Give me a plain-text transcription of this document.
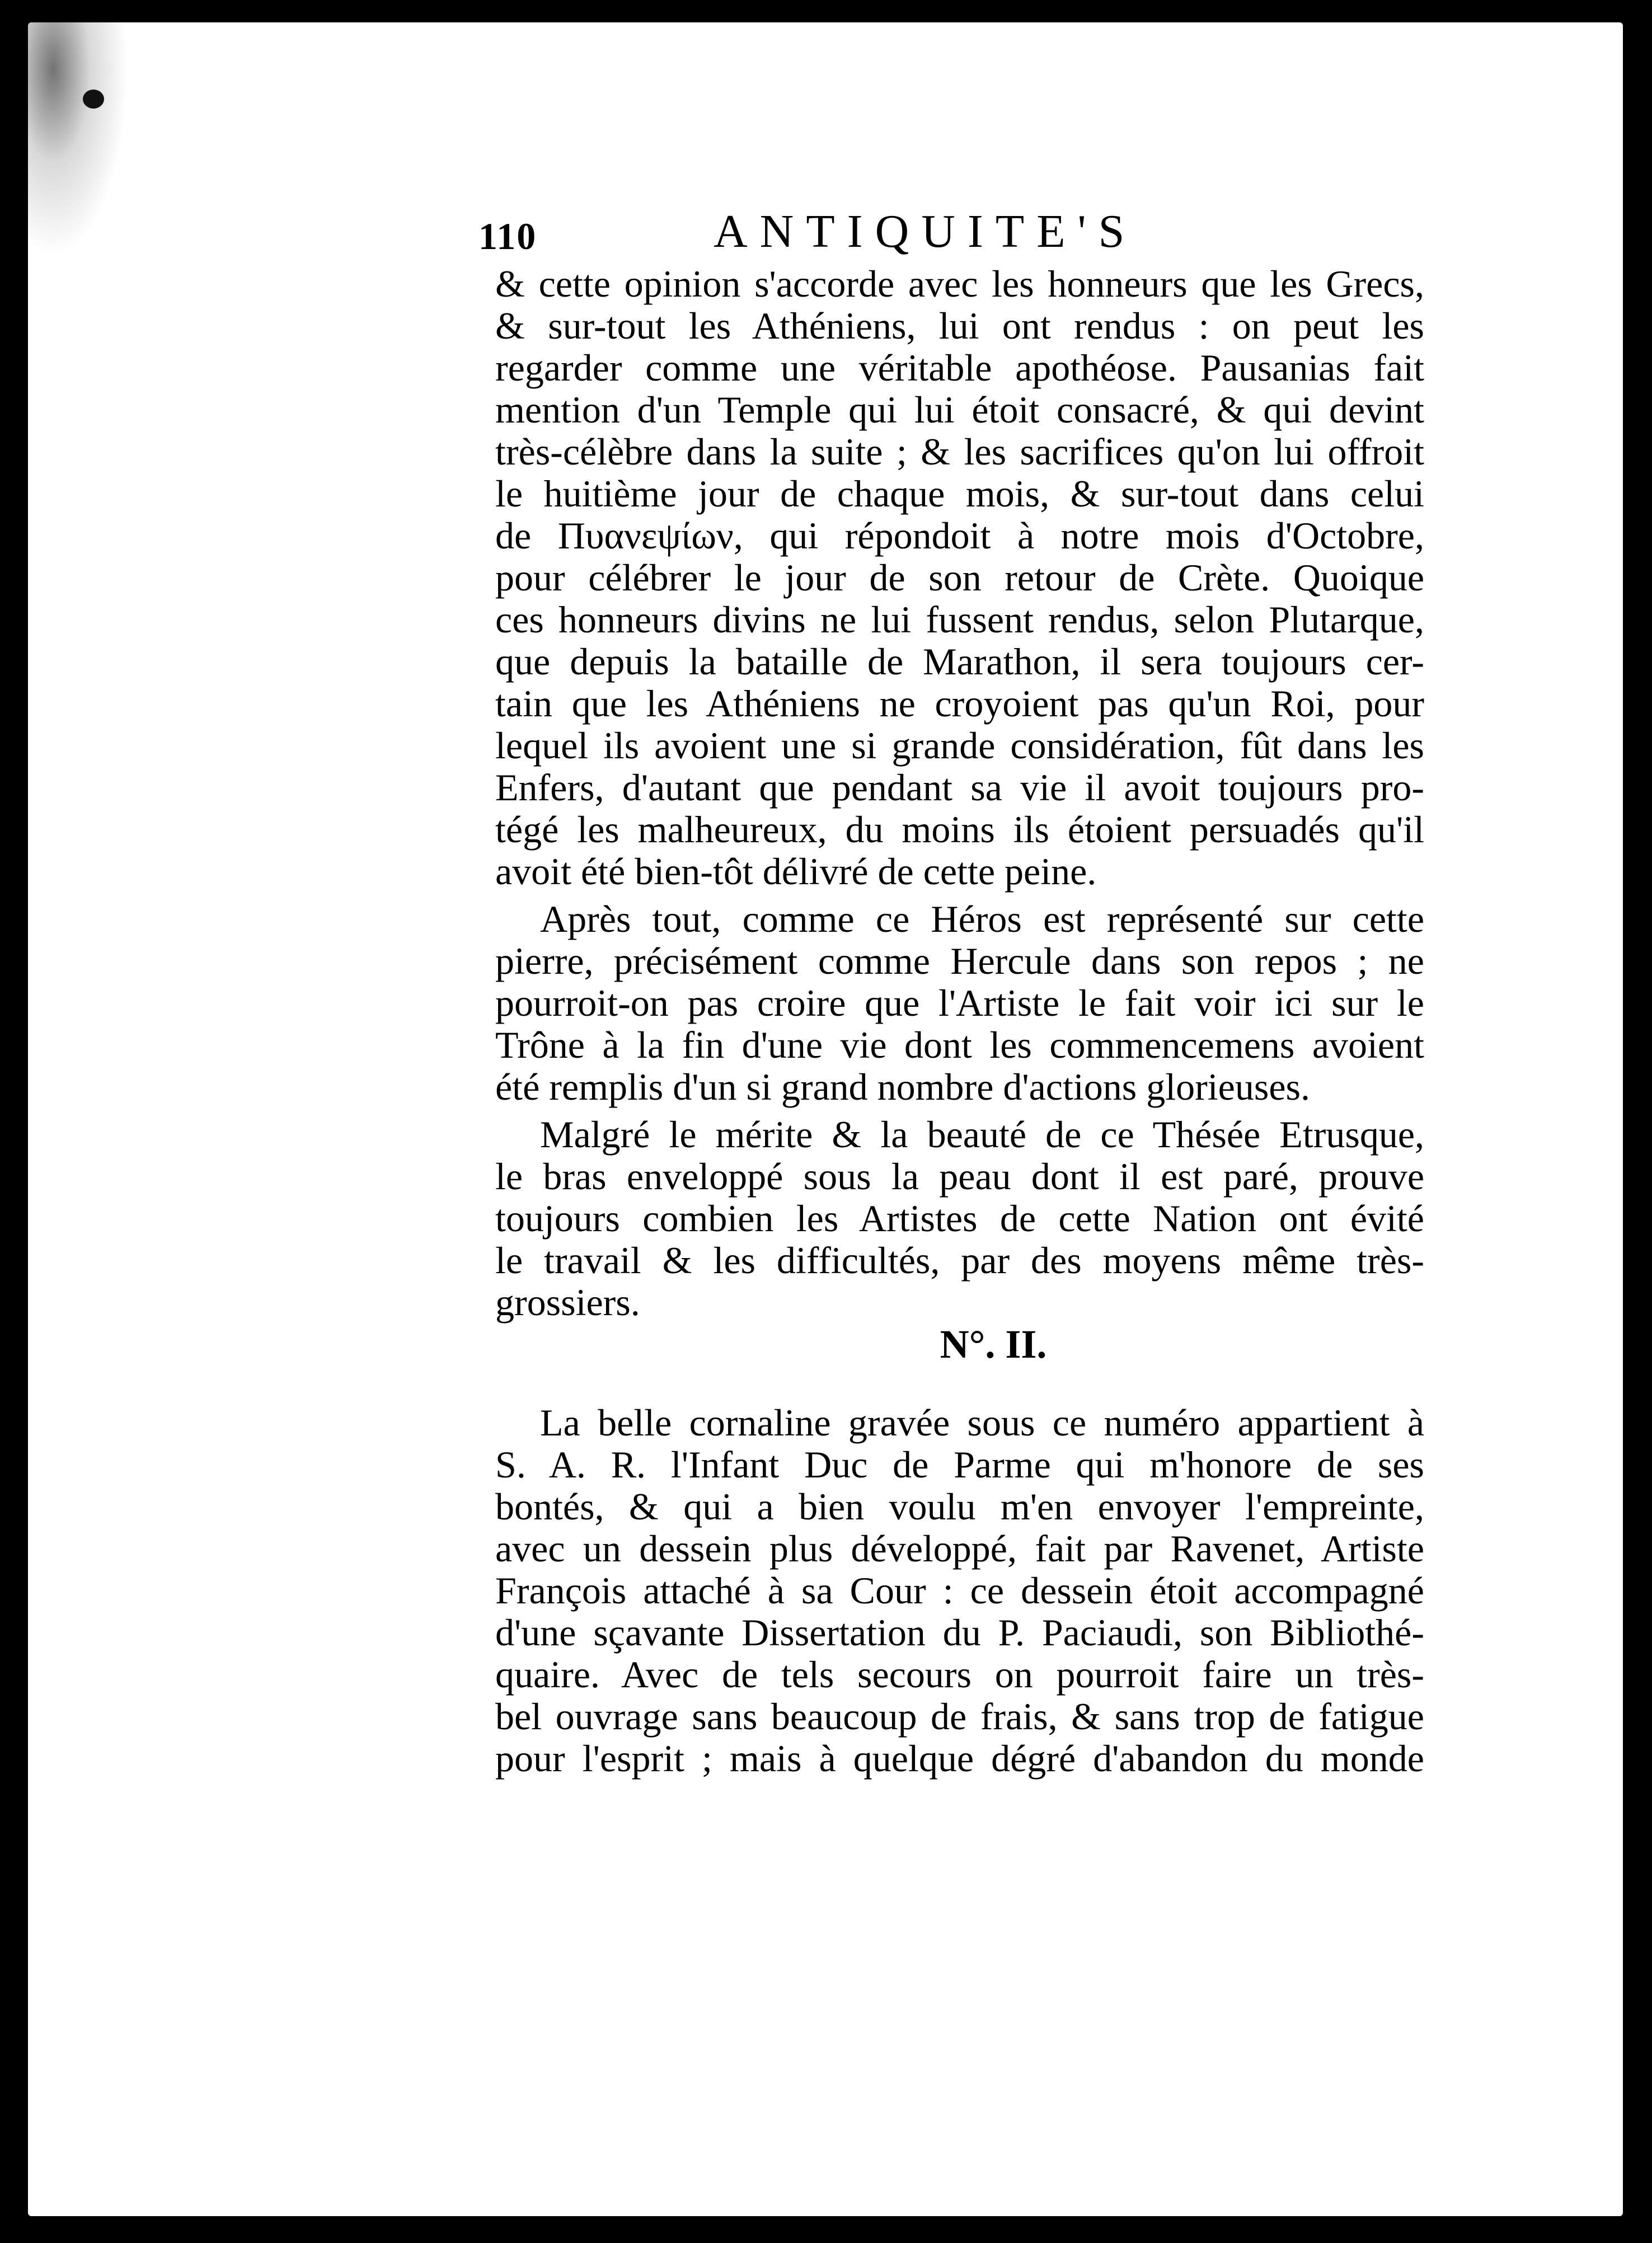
110	ANTIQUITE'S
& cette opinion s'accorde avec les honneurs que les Grecs,
& sur-tout les Athéniens, lui ont rendus : on peut les
regarder comme une véritable apothéose. Pausanias fait
mention d'un Temple qui lui étoit consacré, & qui devint
très-célèbre dans la suite ; & les sacrifices qu'on lui offroit
le huitième jour de chaque mois, & sur-tout dans celui
de Πυανεψίων, qui répondoit à notre mois d'Octobre,
pour célébrer le jour de son retour de Crète. Quoique
ces honneurs divins ne lui fussent rendus, selon Plutarque,
que depuis la bataille de Marathon, il sera toujours cer-
tain que les Athéniens ne croyoient pas qu'un Roi, pour
lequel ils avoient une si grande considération, fût dans les
Enfers, d'autant que pendant sa vie il avoit toujours pro-
tégé les malheureux, du moins ils étoient persuadés qu'il
avoit été bien-tôt délivré de cette peine.
Après tout, comme ce Héros est représenté sur cette
pierre, précisément comme Hercule dans son repos ; ne
pourroit-on pas croire que l'Artiste le fait voir ici sur le
Trône à la fin d'une vie dont les commencemens avoient
été remplis d'un si grand nombre d'actions glorieuses.
Malgré le mérite & la beauté de ce Thésée Etrusque,
le bras enveloppé sous la peau dont il est paré, prouve
toujours combien les Artistes de cette Nation ont évité
le travail & les difficultés, par des moyens même très-
grossiers.
N°. II.
La belle cornaline gravée sous ce numéro appartient à
S. A. R. l'Infant Duc de Parme qui m'honore de ses
bontés, & qui a bien voulu m'en envoyer l'empreinte,
avec un dessein plus développé, fait par Ravenet, Artiste
François attaché à sa Cour : ce dessein étoit accompagné
d'une sçavante Dissertation du P. Paciaudi, son Bibliothé-
quaire. Avec de tels secours on pourroit faire un très-
bel ouvrage sans beaucoup de frais, & sans trop de fatigue
pour l'esprit ; mais à quelque dégré d'abandon du monde
